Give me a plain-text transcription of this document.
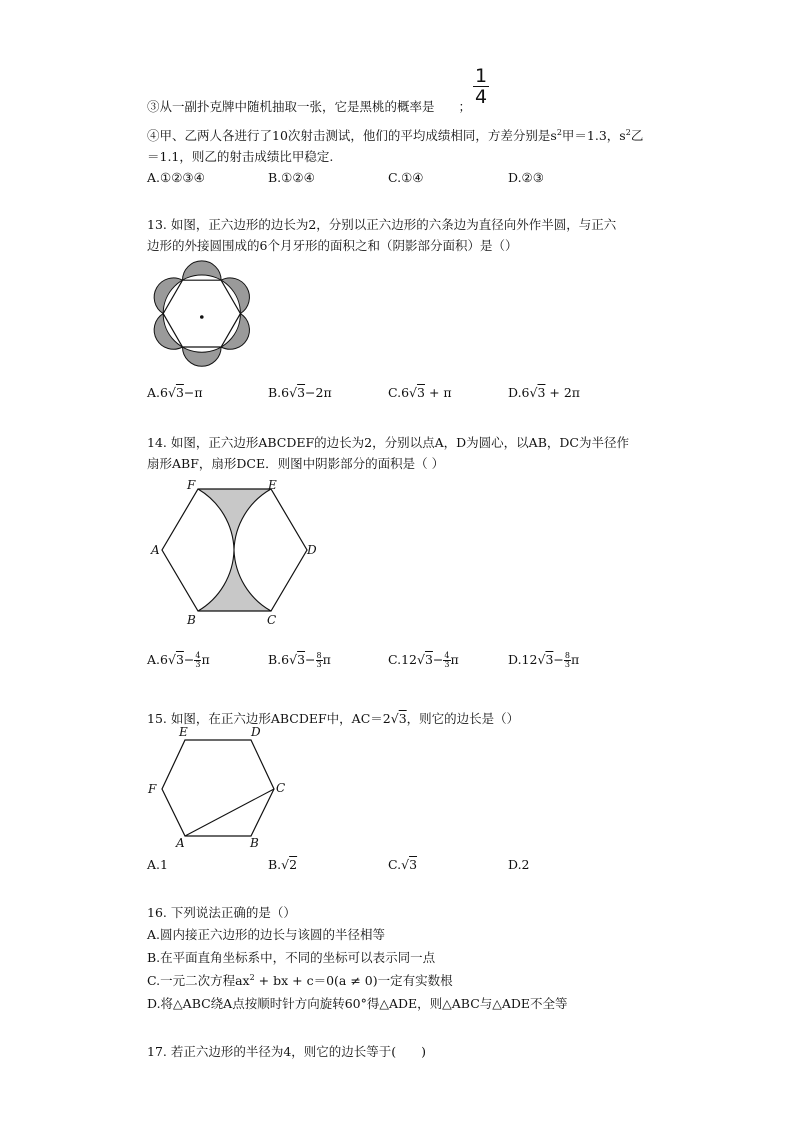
$\frac{1}{4}$
③从一副扑克牌中随机抽取一张，它是黑桃的概率是 ；
④甲、乙两人各进行了10次射击测试，他们的平均成绩相同，方差分别是$s^2$甲＝1.3，$s^2$乙
＝1.1，则乙的射击成绩比甲稳定.
A.①②③④	B.①②④	C.①④	D.②③
13. 如图，正六边形的边长为2，分别以正六边形的六条边为直径向外作半圆，与正六
边形的外接圆围成的6个月牙形的面积之和（阴影部分面积）是（）
A.6√3−π	B.6√3−2π	C.6√3 + π	D.6√3 + 2π
14. 如图，正六边形ABCDEF的边长为2，分别以点A，D为圆心，以AB，DC为半径作
扇形ABF，扇形DCE．则图中阴影部分的面积是（ ）
F	E
A	D
B	C
$A.6√3- \frac{4}{3}$ π	$B.6√3- \frac{8}{3}$ π	$C.12√3- \frac{4}{3}$ π	$D.12√3- \frac{8}{3}$ π
15. 如图，在正六边形ABCDEF中，AC＝2√3，则它的边长是（）
E	D
F	C
A	B
A.1	B.√2	C.√3	D.2
16. 下列说法正确的是（）
A.圆内接正六边形的边长与该圆的半径相等
B.在平面直角坐标系中，不同的坐标可以表示同一点
C.一元二次方程$ax^2$ + bx + c＝0(a ≠ 0)一定有实数根
D.将△ABC绕A点按顺时针方向旋转60°得△ADE，则△ABC与△ADE不全等
17. 若正六边形的半径为4，则它的边长等于(　　)
